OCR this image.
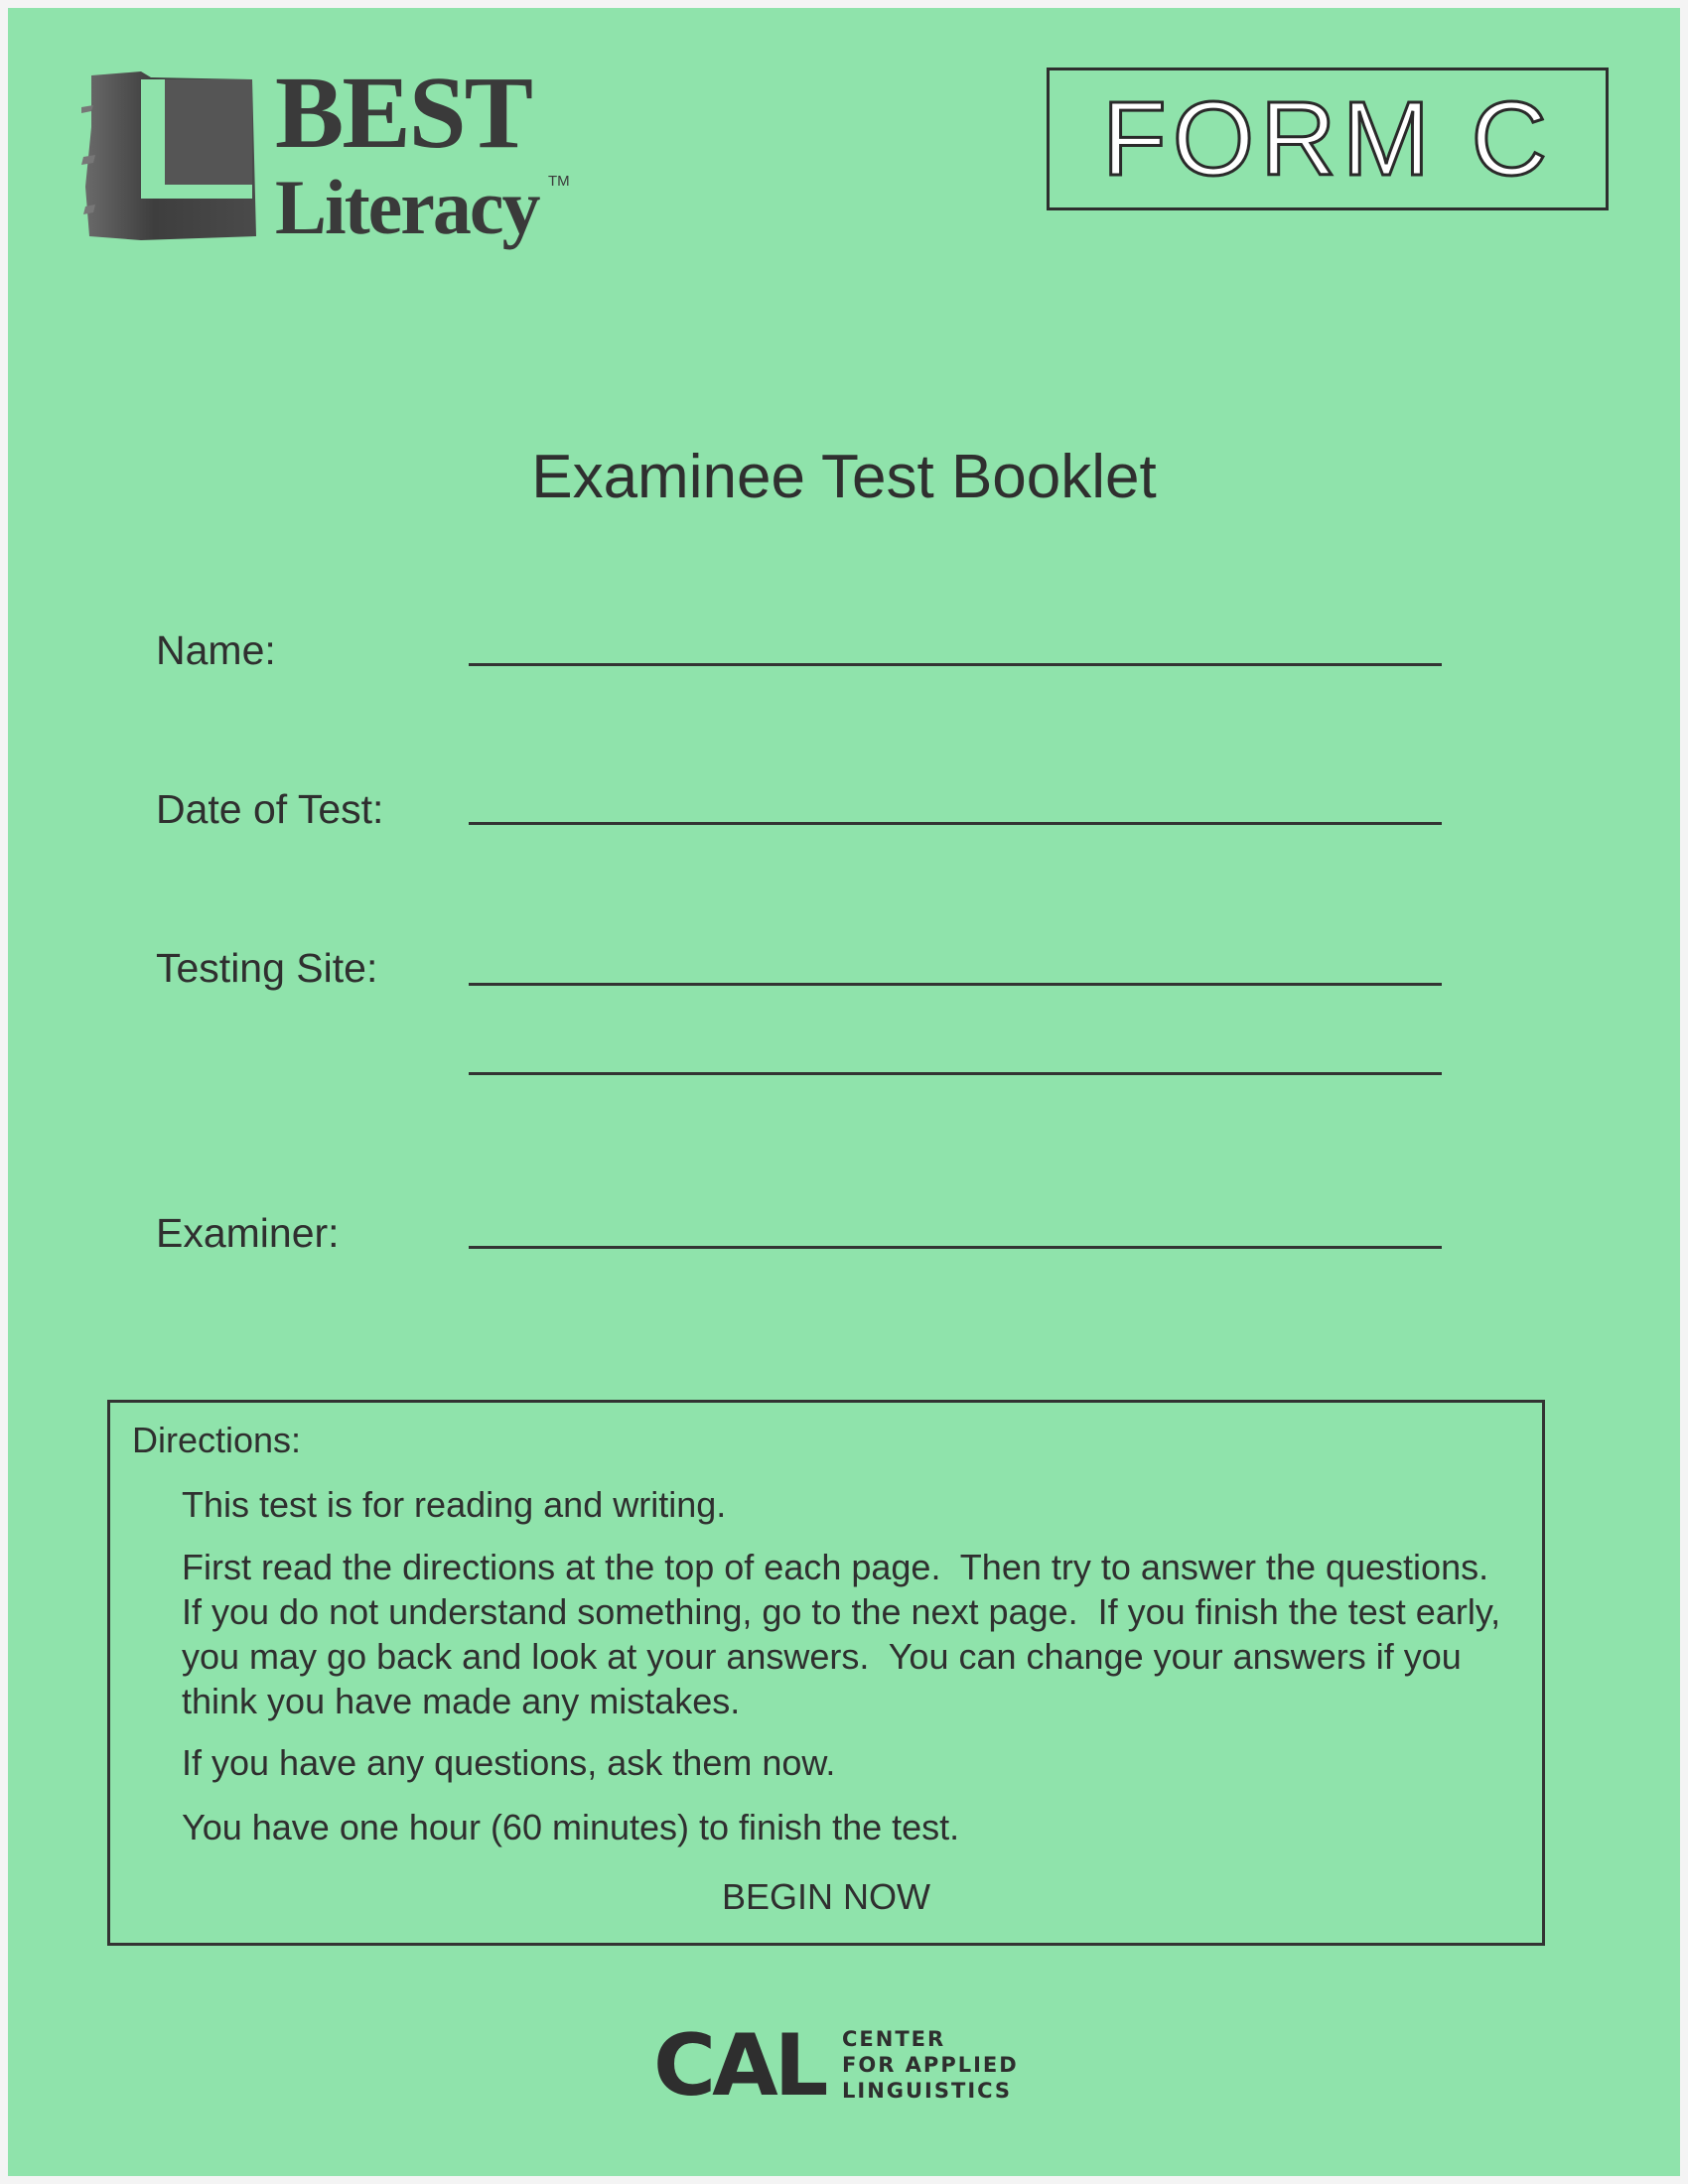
BEST
Literacy TM	FORM C
Examinee Test Booklet
Name:
Date of Test:
Testing Site:
Examiner:
Directions:
This test is for reading and writing.
First read the directions at the top of each page.  Then try to answer the questions.  If you do not understand something, go to the next page.  If you finish the test early, you may go back and look at your answers.  You can change your answers if you think you have made any mistakes.
If you have any questions, ask them now.
You have one hour (60 minutes) to finish the test.
BEGIN NOW
CAL CENTER
FOR APPLIED
LINGUISTICS
